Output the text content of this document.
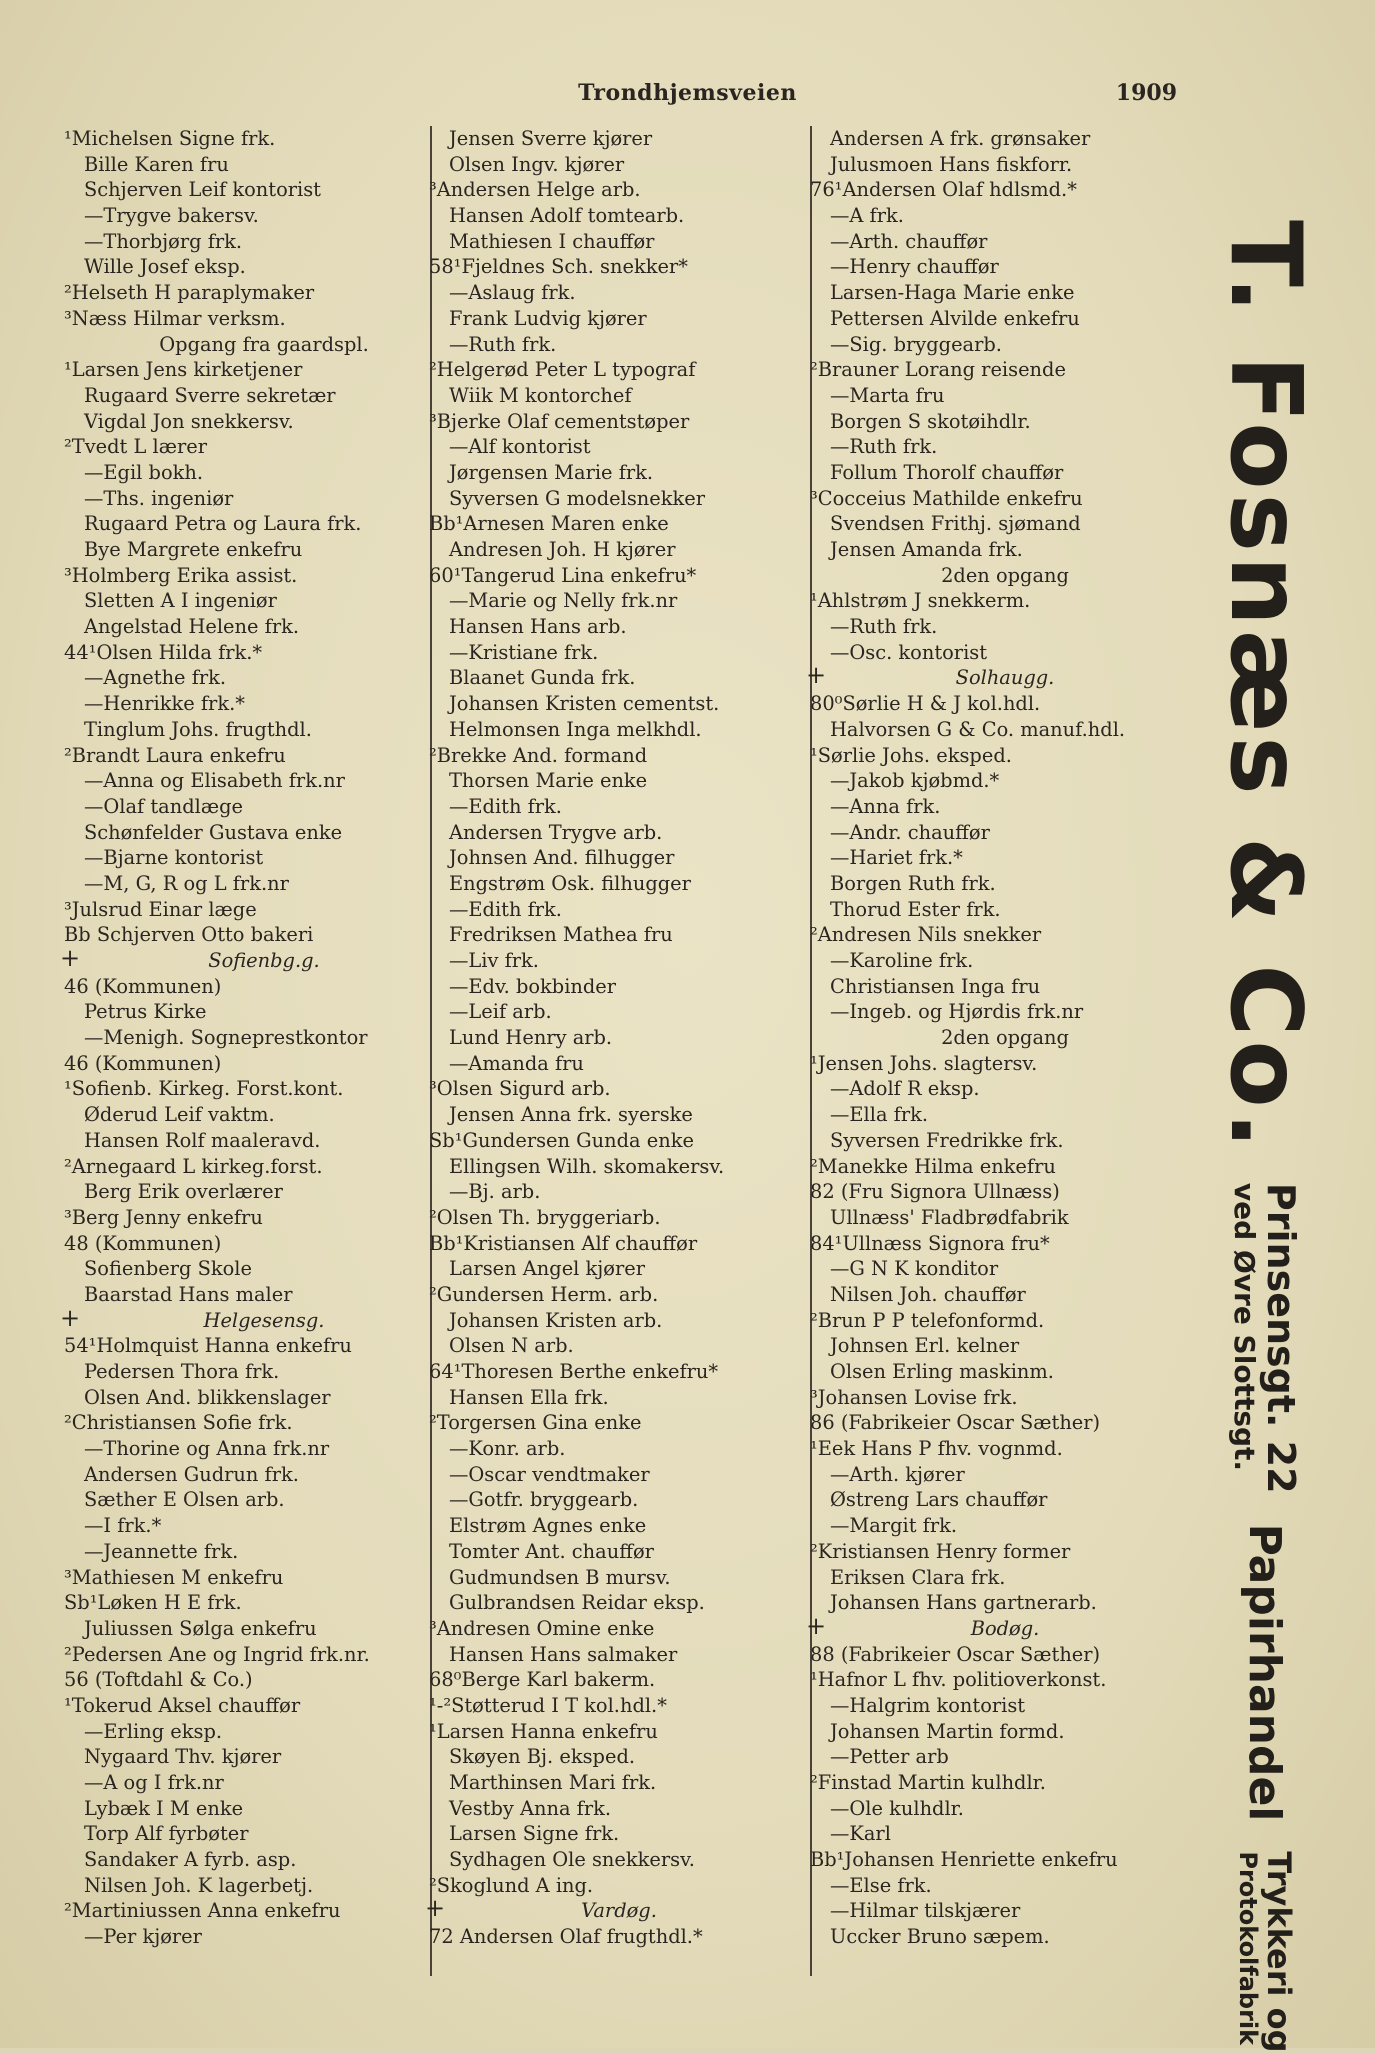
Trondhjemsveien	1909
¹Michelsen Signe frk.
Bille Karen fru
Schjerven Leif kontorist
—Trygve bakersv.
—Thorbjørg frk.
Wille Josef eksp.
²Helseth H paraplymaker
³Næss Hilmar verksm.
Opgang fra gaardspl.
¹Larsen Jens kirketjener
Rugaard Sverre sekretær
Vigdal Jon snekkersv.
²Tvedt L lærer
—Egil bokh.
—Ths. ingeniør
Rugaard Petra og Laura frk.
Bye Margrete enkefru
³Holmberg Erika assist.
Sletten A I ingeniør
Angelstad Helene frk.
44¹Olsen Hilda frk.*
—Agnethe frk.
—Henrikke frk.*
Tinglum Johs. frugthdl.
²Brandt Laura enkefru
—Anna og Elisabeth frk.nr
—Olaf tandlæge
Schønfelder Gustava enke
—Bjarne kontorist
—M, G, R og L frk.nr
³Julsrud Einar læge
Bb Schjerven Otto bakeri
+ Sofienbg.g.
46 (Kommunen)
Petrus Kirke
—Menigh. Sogneprestkontor
46 (Kommunen)
¹Sofienb. Kirkeg. Forst.kont.
Øderud Leif vaktm.
Hansen Rolf maaleravd.
²Arnegaard L kirkeg.forst.
Berg Erik overlærer
³Berg Jenny enkefru
48 (Kommunen)
Sofienberg Skole
Baarstad Hans maler
+ Helgesensg.
54¹Holmquist Hanna enkefru
Pedersen Thora frk.
Olsen And. blikkenslager
²Christiansen Sofie frk.
—Thorine og Anna frk.nr
Andersen Gudrun frk.
Sæther E Olsen arb.
—I frk.*
—Jeannette frk.
³Mathiesen M enkefru
Sb¹Løken H E frk.
Juliussen Sølga enkefru
²Pedersen Ane og Ingrid frk.nr.
56 (Toftdahl & Co.)
¹Tokerud Aksel chauffør
—Erling eksp.
Nygaard Thv. kjører
—A og I frk.nr
Lybæk I M enke
Torp Alf fyrbøter
Sandaker A fyrb. asp.
Nilsen Joh. K lagerbetj.
²Martiniussen Anna enkefru
—Per kjører
Jensen Sverre kjører
Olsen Ingv. kjører
³Andersen Helge arb.
Hansen Adolf tomtearb.
Mathiesen I chauffør
58¹Fjeldnes Sch. snekker*
—Aslaug frk.
Frank Ludvig kjører
—Ruth frk.
²Helgerød Peter L typograf
Wiik M kontorchef
³Bjerke Olaf cementstøper
—Alf kontorist
Jørgensen Marie frk.
Syversen G modelsnekker
Bb¹Arnesen Maren enke
Andresen Joh. H kjører
60¹Tangerud Lina enkefru*
—Marie og Nelly frk.nr
Hansen Hans arb.
—Kristiane frk.
Blaanet Gunda frk.
Johansen Kristen cementst.
Helmonsen Inga melkhdl.
²Brekke And. formand
Thorsen Marie enke
—Edith frk.
Andersen Trygve arb.
Johnsen And. filhugger
Engstrøm Osk. filhugger
—Edith frk.
Fredriksen Mathea fru
—Liv frk.
—Edv. bokbinder
—Leif arb.
Lund Henry arb.
—Amanda fru
³Olsen Sigurd arb.
Jensen Anna frk. syerske
Sb¹Gundersen Gunda enke
Ellingsen Wilh. skomakersv.
—Bj. arb.
²Olsen Th. bryggeriarb.
Bb¹Kristiansen Alf chauffør
Larsen Angel kjører
²Gundersen Herm. arb.
Johansen Kristen arb.
Olsen N arb.
64¹Thoresen Berthe enkefru*
Hansen Ella frk.
²Torgersen Gina enke
—Konr. arb.
—Oscar vendtmaker
—Gotfr. bryggearb.
Elstrøm Agnes enke
Tomter Ant. chauffør
Gudmundsen B mursv.
Gulbrandsen Reidar eksp.
³Andresen Omine enke
Hansen Hans salmaker
68⁰Berge Karl bakerm.
¹-²Støtterud I T kol.hdl.*
¹Larsen Hanna enkefru
Skøyen Bj. eksped.
Marthinsen Mari frk.
Vestby Anna frk.
Larsen Signe frk.
Sydhagen Ole snekkersv.
²Skoglund A ing.
+ Vardøg.
72 Andersen Olaf frugthdl.*
Andersen A frk. grønsaker
Julusmoen Hans fiskforr.
76¹Andersen Olaf hdlsmd.*
—A frk.
—Arth. chauffør
—Henry chauffør
Larsen-Haga Marie enke
Pettersen Alvilde enkefru
—Sig. bryggearb.
²Brauner Lorang reisende
—Marta fru
Borgen S skotøihdlr.
—Ruth frk.
Follum Thorolf chauffør
³Cocceius Mathilde enkefru
Svendsen Frithj. sjømand
Jensen Amanda frk.
2den opgang
¹Ahlstrøm J snekkerm.
—Ruth frk.
—Osc. kontorist
+ Solhaugg.
80⁰Sørlie H & J kol.hdl.
Halvorsen G & Co. manuf.hdl.
¹Sørlie Johs. eksped.
—Jakob kjøbmd.*
—Anna frk.
—Andr. chauffør
—Hariet frk.*
Borgen Ruth frk.
Thorud Ester frk.
²Andresen Nils snekker
—Karoline frk.
Christiansen Inga fru
—Ingeb. og Hjørdis frk.nr
2den opgang
¹Jensen Johs. slagtersv.
—Adolf R eksp.
—Ella frk.
Syversen Fredrikke frk.
²Manekke Hilma enkefru
82 (Fru Signora Ullnæss)
Ullnæss' Fladbrødfabrik
84¹Ullnæss Signora fru*
—G N K konditor
Nilsen Joh. chauffør
²Brun P P telefonformd.
Johnsen Erl. kelner
Olsen Erling maskinm.
³Johansen Lovise frk.
86 (Fabrikeier Oscar Sæther)
¹Eek Hans P fhv. vognmd.
—Arth. kjører
Østreng Lars chauffør
—Margit frk.
²Kristiansen Henry former
Eriksen Clara frk.
Johansen Hans gartnerarb.
+ Bodøg.
88 (Fabrikeier Oscar Sæther)
¹Hafnor L fhv. politioverkonst.
—Halgrim kontorist
Johansen Martin formd.
—Petter arb
²Finstad Martin kulhdlr.
—Ole kulhdlr.
—Karl
Bb¹Johansen Henriette enkefru
—Else frk.
—Hilmar tilskjærer
Uccker Bruno sæpem.
T. Fosnæs & Co.
Prinsensgt. 22
ved Øvre Slottsgt.
Papirhandel
Trykkeri og
Protokolfabrik
